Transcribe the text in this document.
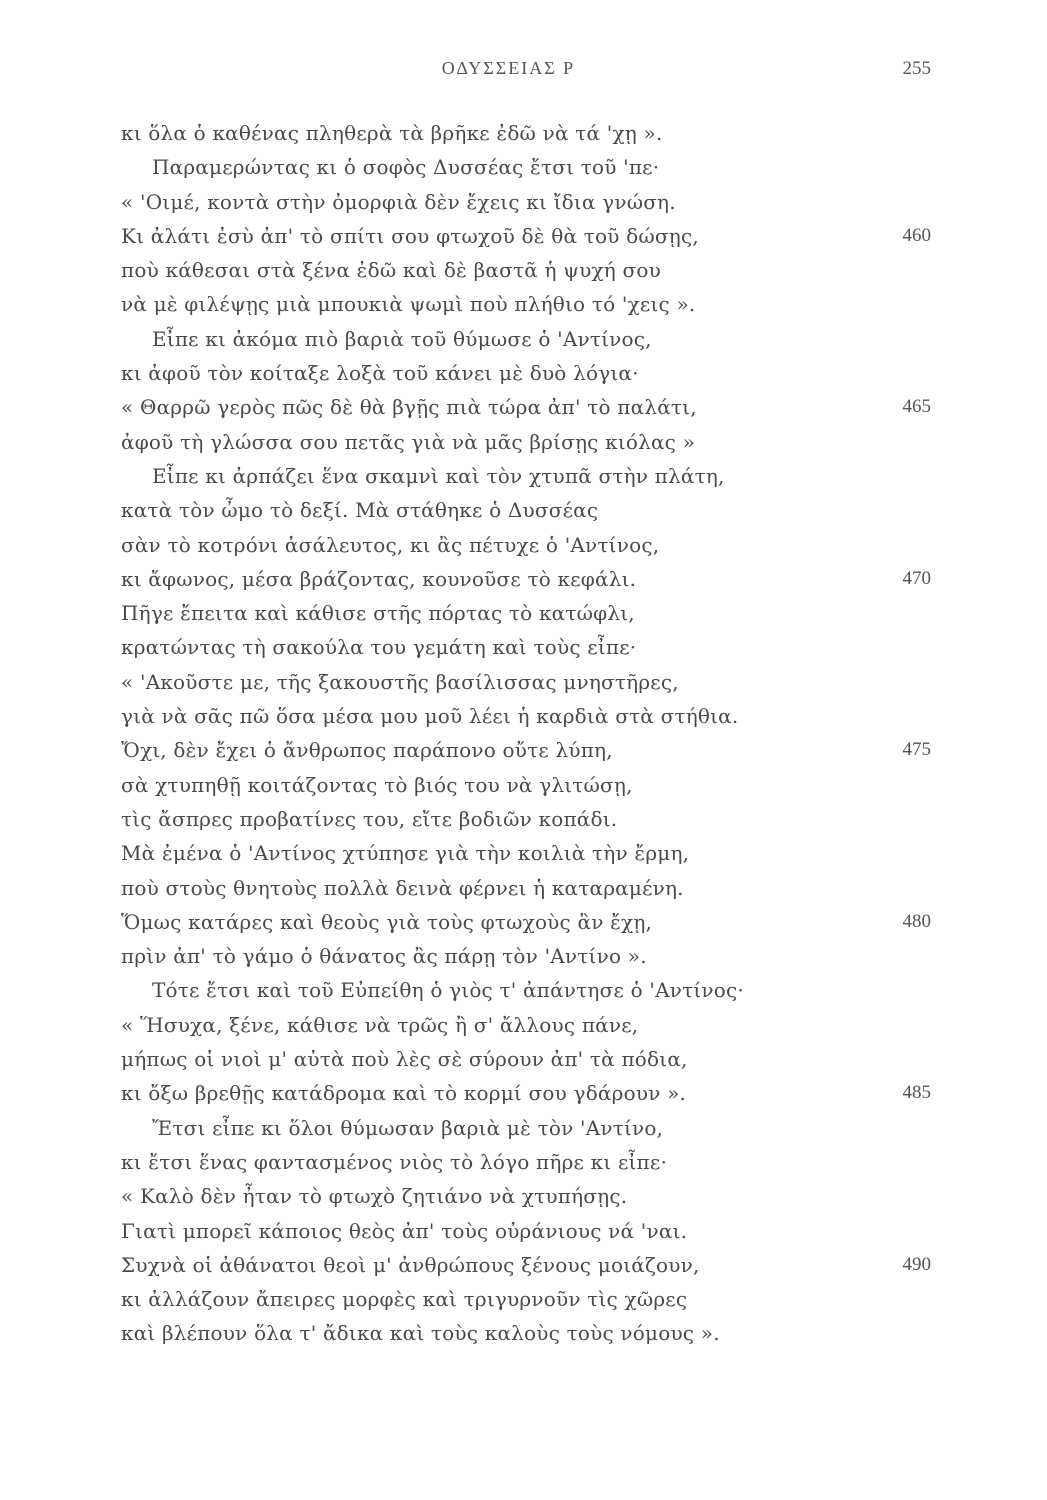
ΟΔΥΣΣΕΙΑΣ Ρ	255
κι ὅλα ὁ καθένας πληθερὰ τὰ βρῆκε ἐδῶ νὰ τά 'χῃ ».
Παραμερώντας κι ὁ σοφὸς Δυσσέας ἔτσι τοῦ 'πε·
« 'Οιμέ, κοντὰ στὴν ὀμορφιὰ δὲν ἔχεις κι ἴδια γνώση.
Κι ἀλάτι ἐσὺ ἀπ' τὸ σπίτι σου φτωχοῦ δὲ θὰ τοῦ δώσῃς,	460
ποὺ κάθεσαι στὰ ξένα ἐδῶ καὶ δὲ βαστᾶ ἡ ψυχή σου
νὰ μὲ φιλέψῃς μιὰ μπουκιὰ ψωμὶ ποὺ πλήθιο τό 'χεις ».
Εἶπε κι ἀκόμα πιὸ βαριὰ τοῦ θύμωσε ὁ 'Αντίνος,
κι ἀφοῦ τὸν κοίταξε λοξὰ τοῦ κάνει μὲ δυὸ λόγια·
« Θαρρῶ γερὸς πῶς δὲ θὰ βγῇς πιὰ τώρα ἀπ' τὸ παλάτι,	465
ἀφοῦ τὴ γλώσσα σου πετᾶς γιὰ νὰ μᾶς βρίσῃς κιόλας »
Εἶπε κι ἀρπάζει ἕνα σκαμνὶ καὶ τὸν χτυπᾶ στὴν πλάτη,
κατὰ τὸν ὦμο τὸ δεξί. Μὰ στάθηκε ὁ Δυσσέας
σὰν τὸ κοτρόνι ἀσάλευτος, κι ἂς πέτυχε ὁ 'Αντίνος,
κι ἄφωνος, μέσα βράζοντας, κουνοῦσε τὸ κεφάλι.	470
Πῆγε ἔπειτα καὶ κάθισε στῆς πόρτας τὸ κατώφλι,
κρατώντας τὴ σακούλα του γεμάτη καὶ τοὺς εἶπε·
« 'Ακοῦστε με, τῆς ξακουστῆς βασίλισσας μνηστῆρες,
γιὰ νὰ σᾶς πῶ ὅσα μέσα μου μοῦ λέει ἡ καρδιὰ στὰ στήθια.
Ὄχι, δὲν ἔχει ὁ ἄνθρωπος παράπονο οὔτε λύπη,	475
σὰ χτυπηθῇ κοιτάζοντας τὸ βιός του νὰ γλιτώσῃ,
τὶς ἄσπρες προβατίνες του, εἴτε βοδιῶν κοπάδι.
Μὰ ἐμένα ὁ 'Αντίνος χτύπησε γιὰ τὴν κοιλιὰ τὴν ἔρμη,
ποὺ στοὺς θνητοὺς πολλὰ δεινὰ φέρνει ἡ καταραμένη.
Ὅμως κατάρες καὶ θεοὺς γιὰ τοὺς φτωχοὺς ἂν ἔχῃ,	480
πρὶν ἀπ' τὸ γάμο ὁ θάνατος ἂς πάρῃ τὸν 'Αντίνο ».
Τότε ἔτσι καὶ τοῦ Εὐπείθη ὁ γιὸς τ' ἀπάντησε ὁ 'Αντίνος·
« Ἥσυχα, ξένε, κάθισε νὰ τρῶς ἢ σ' ἄλλους πάνε,
μήπως οἱ νιοὶ μ' αὐτὰ ποὺ λὲς σὲ σύρουν ἀπ' τὰ πόδια,
κι ὄξω βρεθῇς κατάδρομα καὶ τὸ κορμί σου γδάρουν ».	485
Ἔτσι εἶπε κι ὅλοι θύμωσαν βαριὰ μὲ τὸν 'Αντίνο,
κι ἔτσι ἕνας φαντασμένος νιὸς τὸ λόγο πῆρε κι εἶπε·
« Καλὸ δὲν ἦταν τὸ φτωχὸ ζητιάνο νὰ χτυπήσῃς.
Γιατὶ μπορεῖ κάποιος θεὸς ἀπ' τοὺς οὐράνιους νά 'ναι.
Συχνὰ οἱ ἀθάνατοι θεοὶ μ' ἀνθρώπους ξένους μοιάζουν,	490
κι ἀλλάζουν ἄπειρες μορφὲς καὶ τριγυρνοῦν τὶς χῶρες
καὶ βλέπουν ὅλα τ' ἄδικα καὶ τοὺς καλοὺς τοὺς νόμους ».
